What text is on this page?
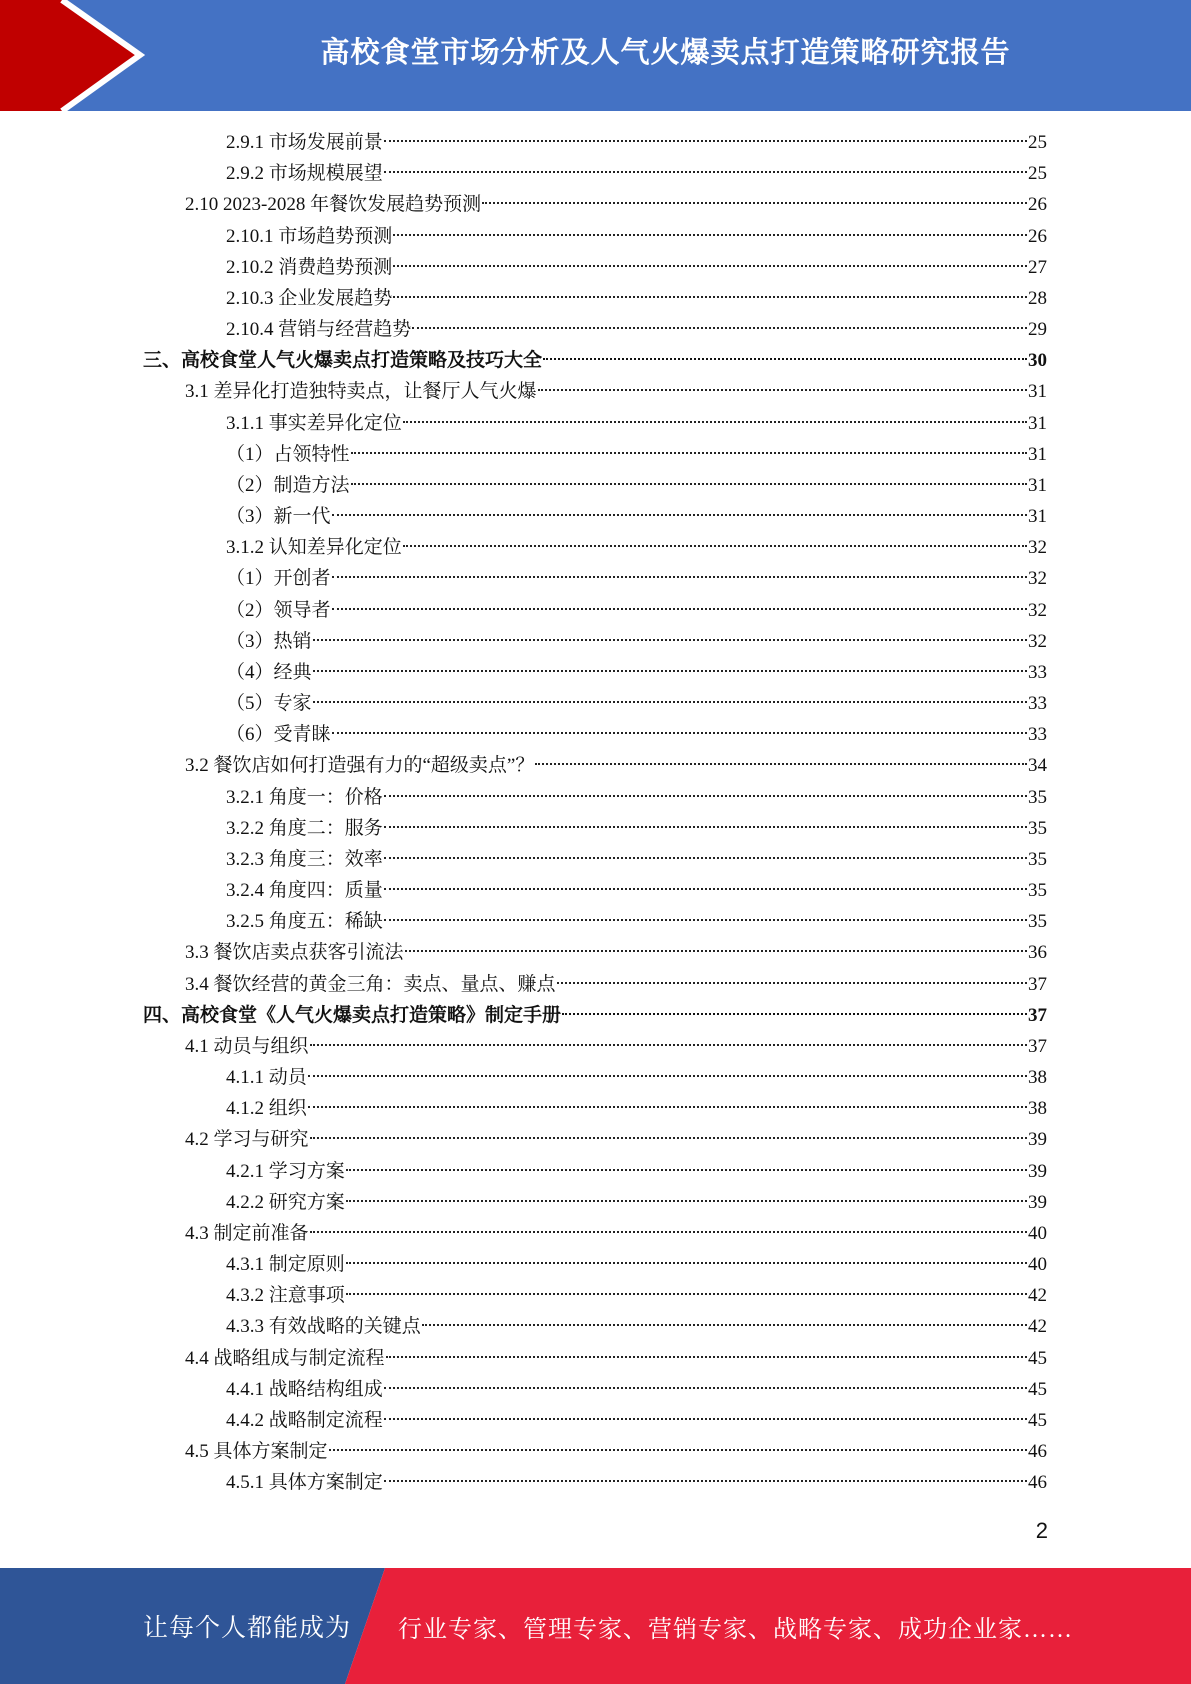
高校食堂市场分析及人气火爆卖点打造策略研究报告
2.9.1 市场发展前景	25
2.9.2 市场规模展望	25
2.10 2023-2028 年餐饮发展趋势预测	26
2.10.1 市场趋势预测	26
2.10.2 消费趋势预测	27
2.10.3 企业发展趋势	28
2.10.4 营销与经营趋势	29
三、高校食堂人气火爆卖点打造策略及技巧大全	30
3.1 差异化打造独特卖点，让餐厅人气火爆	31
3.1.1 事实差异化定位	31
（1）占领特性	31
（2）制造方法	31
（3）新一代	31
3.1.2 认知差异化定位	32
（1）开创者	32
（2）领导者	32
（3）热销	32
（4）经典	33
（5）专家	33
（6）受青睐	33
3.2 餐饮店如何打造强有力的“超级卖点”？	34
3.2.1 角度一：价格	35
3.2.2 角度二：服务	35
3.2.3 角度三：效率	35
3.2.4 角度四：质量	35
3.2.5 角度五：稀缺	35
3.3 餐饮店卖点获客引流法	36
3.4 餐饮经营的黄金三角：卖点、量点、赚点	37
四、高校食堂《人气火爆卖点打造策略》制定手册	37
4.1 动员与组织	37
4.1.1 动员	38
4.1.2 组织	38
4.2 学习与研究	39
4.2.1 学习方案	39
4.2.2 研究方案	39
4.3 制定前准备	40
4.3.1 制定原则	40
4.3.2 注意事项	42
4.3.3 有效战略的关键点	42
4.4 战略组成与制定流程	45
4.4.1 战略结构组成	45
4.4.2 战略制定流程	45
4.5 具体方案制定	46
4.5.1 具体方案制定	46
2
让每个人都能成为 行业专家、管理专家、营销专家、战略专家、成功企业家……
